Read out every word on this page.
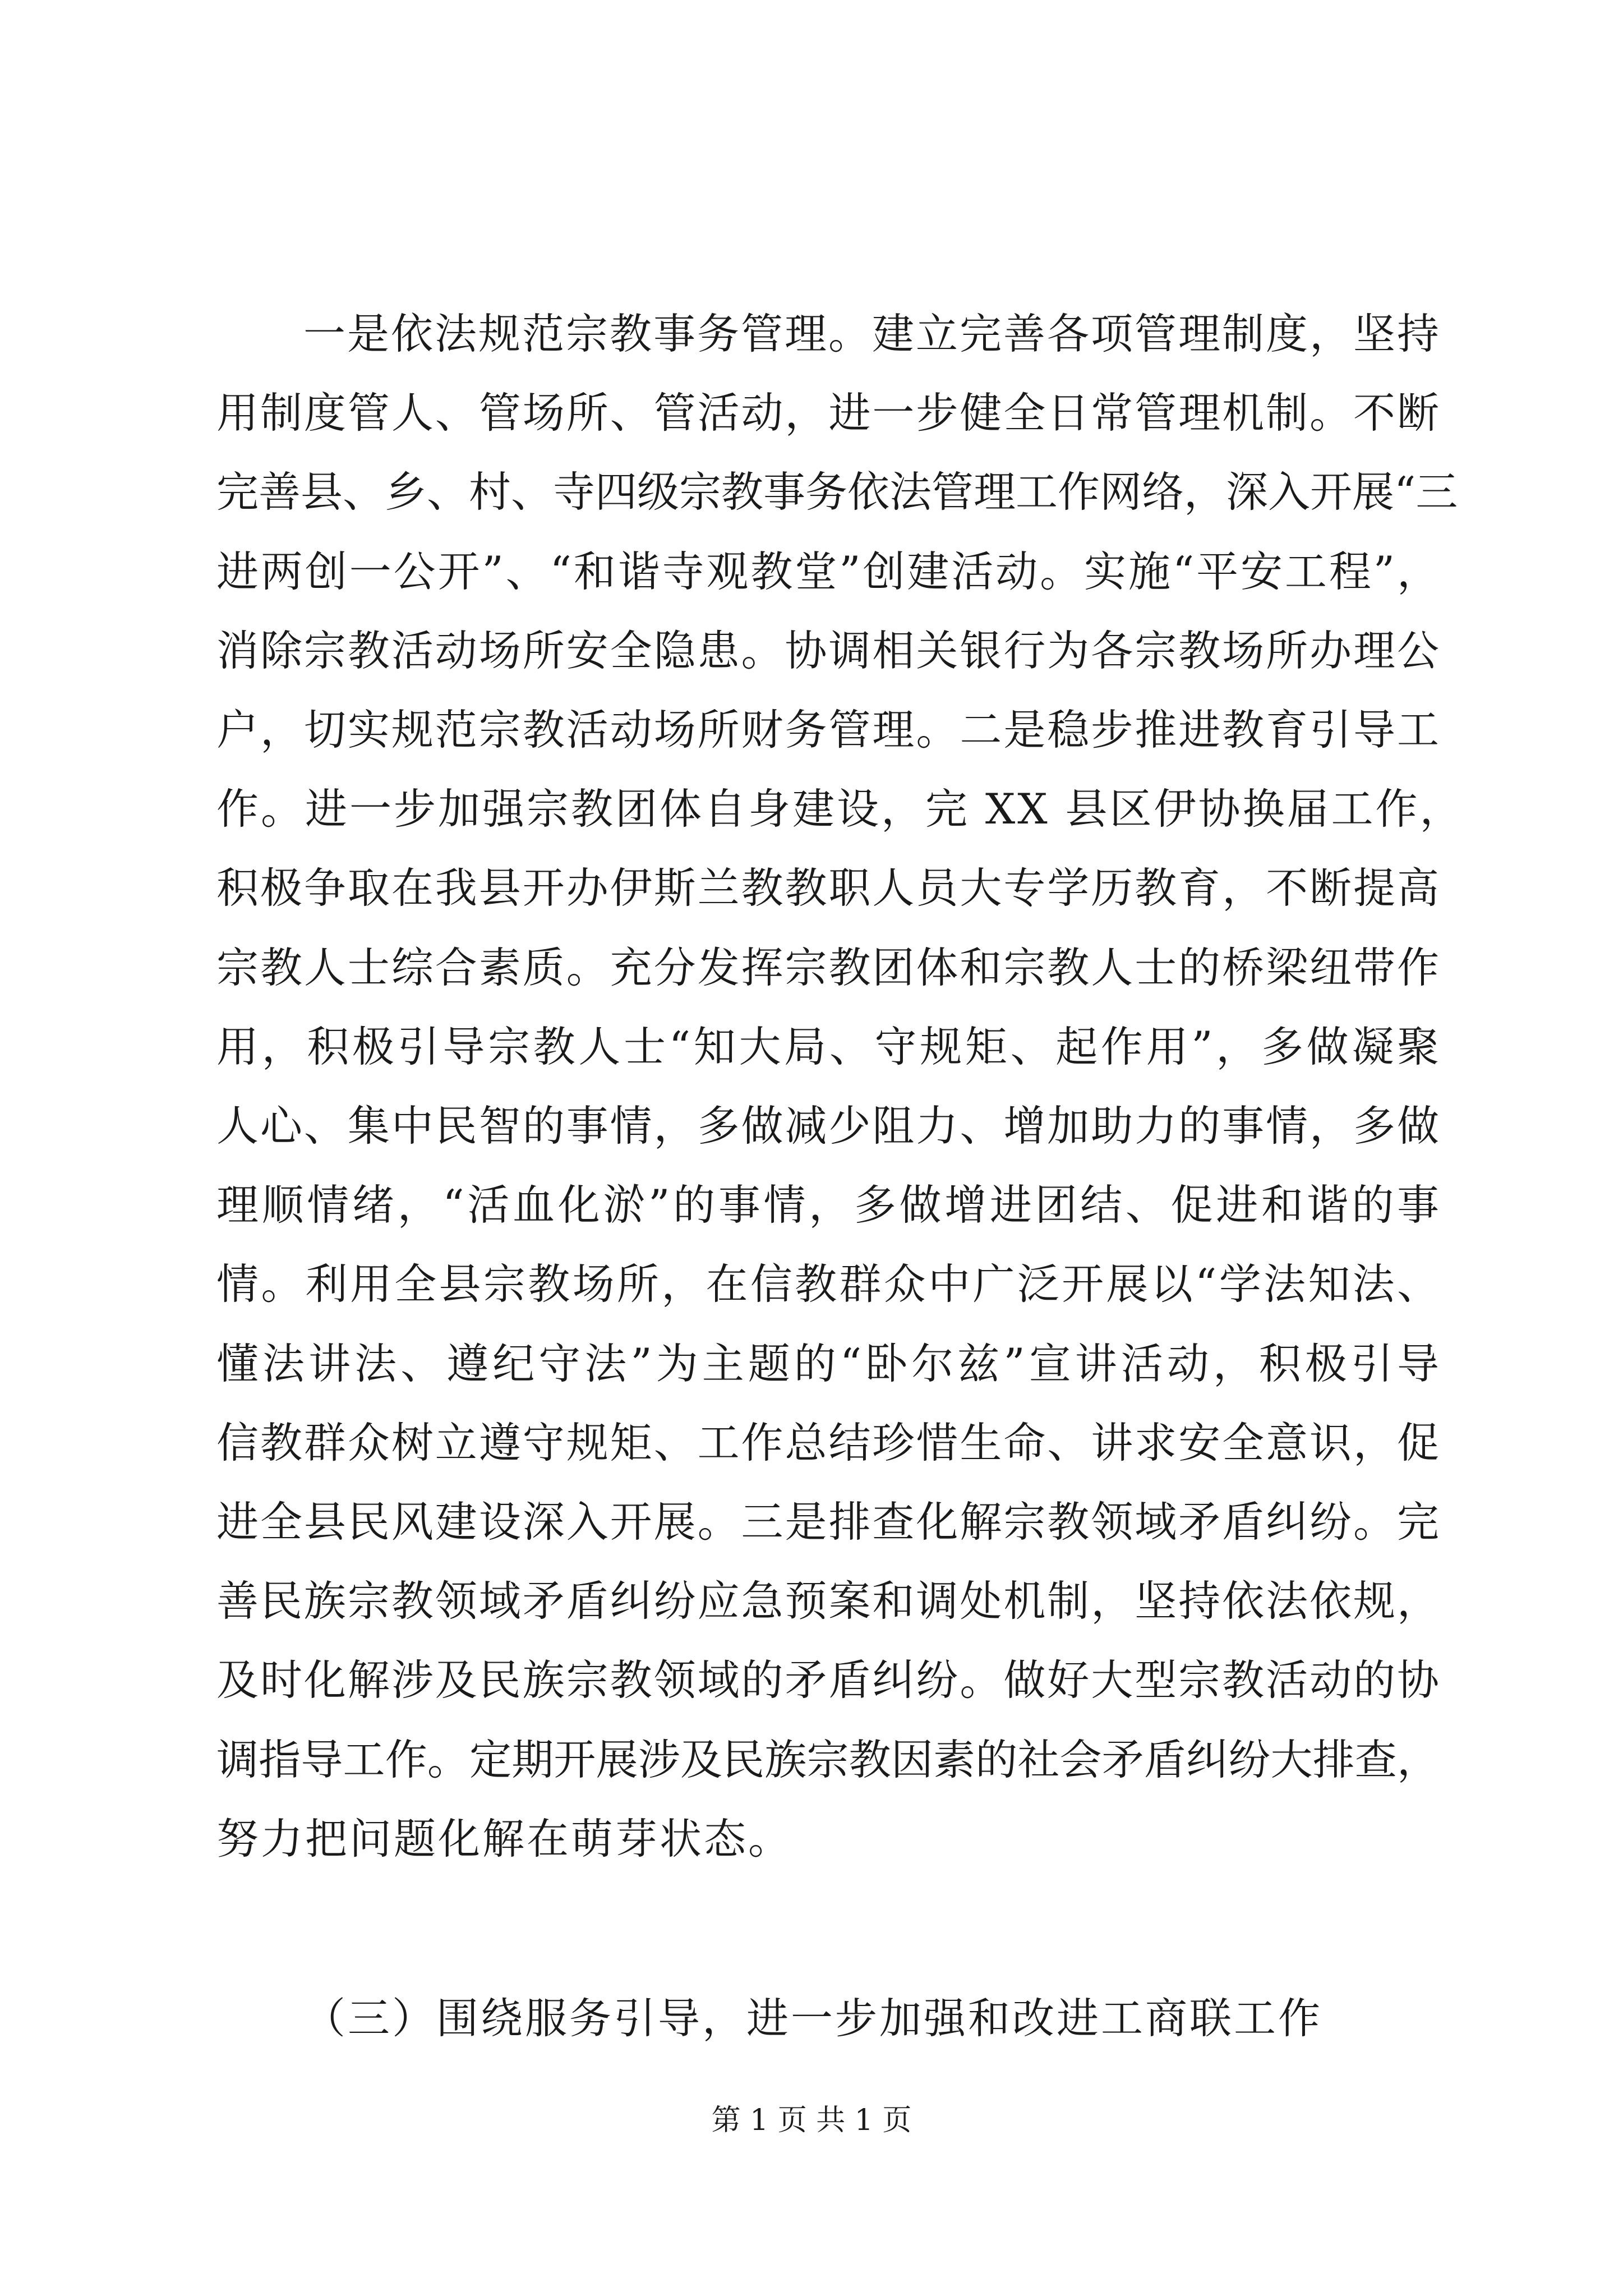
一是依法规范宗教事务管理。建立完善各项管理制度，坚持
用制度管人、管场所、管活动，进一步健全日常管理机制。不断
完善县、乡、村、寺四级宗教事务依法管理工作网络，深入开展“三
进两创一公开”、“和谐寺观教堂”创建活动。实施“平安工程”，
消除宗教活动场所安全隐患。协调相关银行为各宗教场所办理公
户，切实规范宗教活动场所财务管理。二是稳步推进教育引导工
作。进一步加强宗教团体自身建设，完 XX 县区伊协换届工作，
积极争取在我县开办伊斯兰教教职人员大专学历教育，不断提高
宗教人士综合素质。充分发挥宗教团体和宗教人士的桥梁纽带作
用，积极引导宗教人士“知大局、守规矩、起作用”，多做凝聚
人心、集中民智的事情，多做减少阻力、增加助力的事情，多做
理顺情绪，“活血化淤”的事情，多做增进团结、促进和谐的事
情。利用全县宗教场所，在信教群众中广泛开展以“学法知法、
懂法讲法、遵纪守法”为主题的“卧尔兹”宣讲活动，积极引导
信教群众树立遵守规矩、工作总结珍惜生命、讲求安全意识，促
进全县民风建设深入开展。三是排查化解宗教领域矛盾纠纷。完
善民族宗教领域矛盾纠纷应急预案和调处机制，坚持依法依规，
及时化解涉及民族宗教领域的矛盾纠纷。做好大型宗教活动的协
调指导工作。定期开展涉及民族宗教因素的社会矛盾纠纷大排查，
努力把问题化解在萌芽状态。
（三）围绕服务引导，进一步加强和改进工商联工作
第 1 页 共 1 页
